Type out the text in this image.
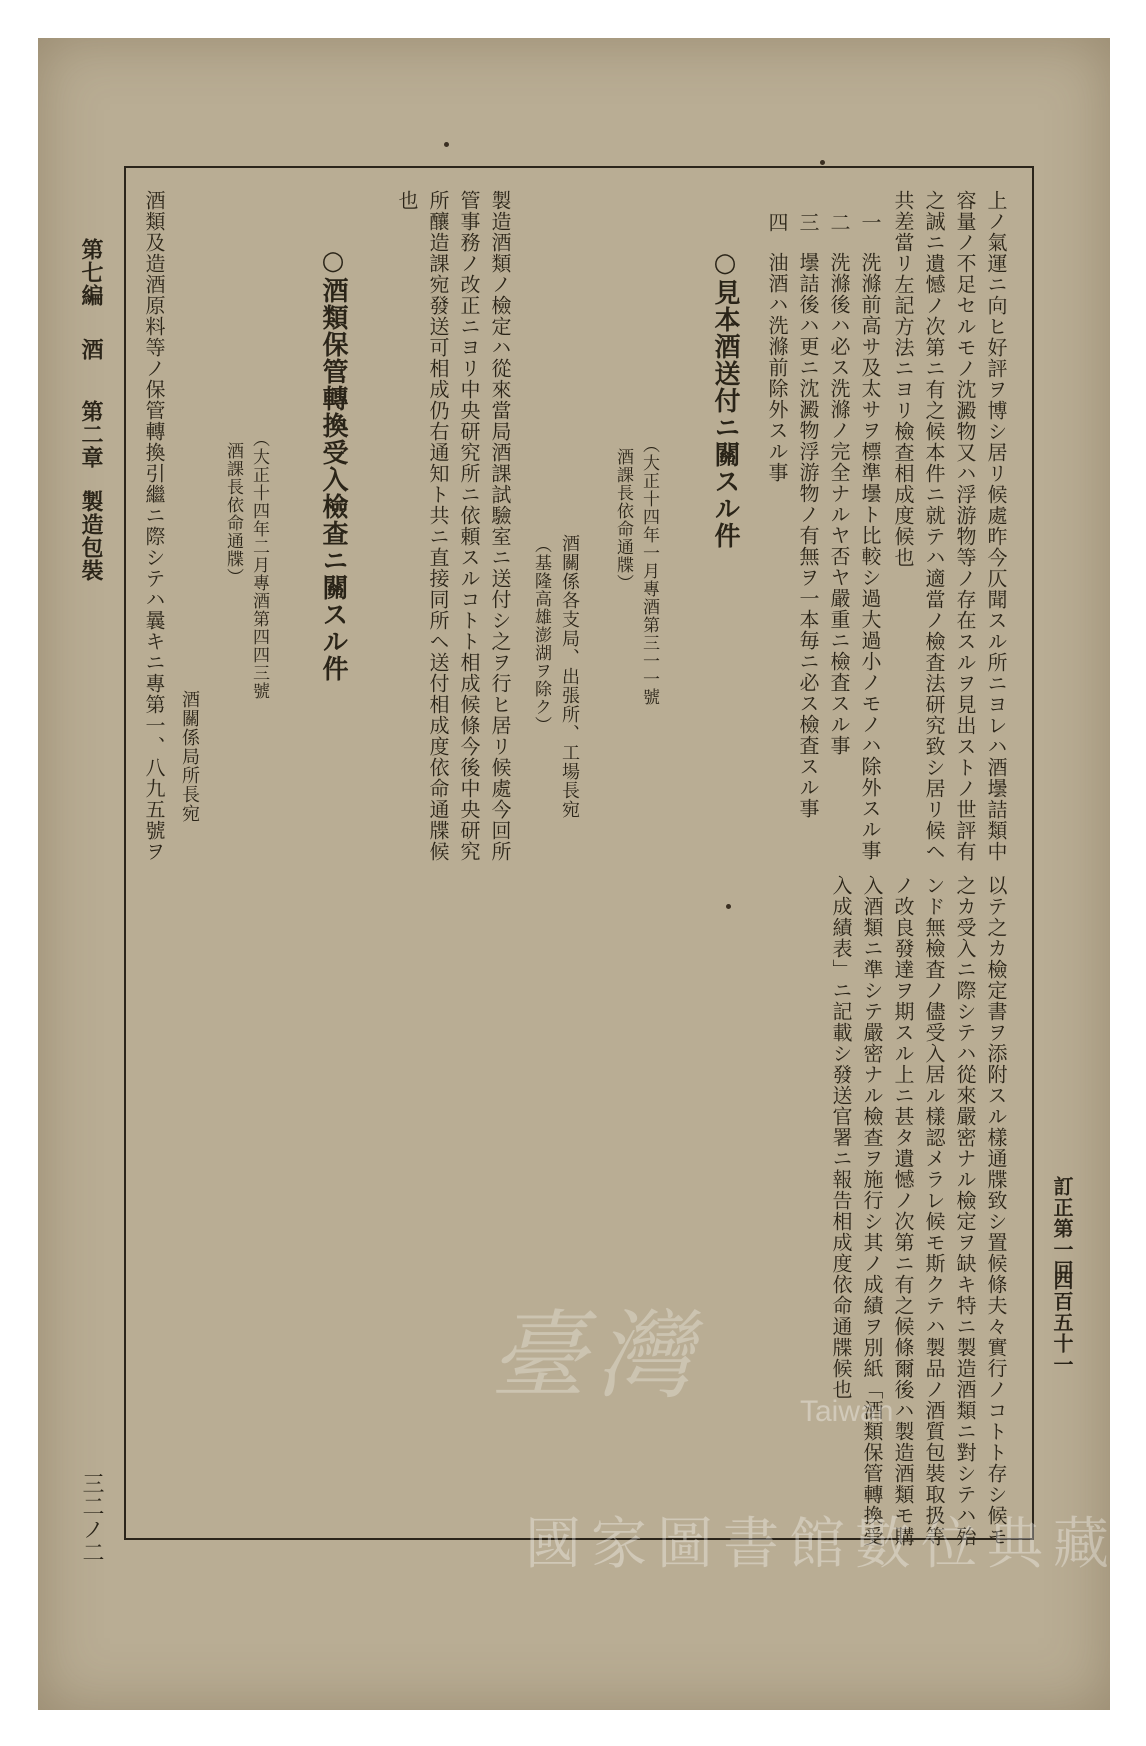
訂正第一回
四百五十一
第七編
酒
第二章
製造包裝
三二ノ二
上ノ氣運ニ向ヒ好評ヲ博シ居リ候處昨今仄聞スル所ニヨレハ酒壜詰類中
容量ノ不足セルモノ沈澱物又ハ浮游物等ノ存在スルヲ見出ストノ世評有
之誠ニ遺憾ノ次第ニ有之候本件ニ就テハ適當ノ檢査法研究致シ居リ候ヘ
共差當リ左記方法ニヨリ檢查相成度候也
一
洗滌前高サ及太サヲ標準壜ト比較シ過大過小ノモノハ除外スル事
二
洗滌後ハ必ス洗滌ノ完全ナルヤ否ヤ嚴重ニ檢査スル事
三
壜詰後ハ更ニ沈澱物浮游物ノ有無ヲ一本毎ニ必ス檢査スル事
四
油酒ハ洗滌前除外スル事
○見本酒送付ニ關スル件
（大正十四年一月專酒第三一一號
酒課長依命通牒）
酒關係各支局、出張所、工場長宛
（基隆高雄澎湖ヲ除ク）
製造酒類ノ檢定ハ從來當局酒課試驗室ニ送付シ之ヲ行ヒ居リ候處今回所
管事務ノ改正ニヨリ中央研究所ニ依頼スルコトト相成候條今後中央研究
所釀造課宛發送可相成仍右通知ト共ニ直接同所ヘ送付相成度依命通牒候
也
○酒類保管轉換受入檢查ニ關スル件
（大正十四年二月專酒第四四三號
酒課長依命通牒）
酒關係局所長宛
酒類及造酒原料等ノ保管轉換引繼ニ際シテハ曩キニ專第一、八九五號ヲ
以テ之カ檢定書ヲ添附スル樣通牒致シ置候條夫々實行ノコトト存シ候モ
之カ受入ニ際シテハ從來嚴密ナル檢定ヲ缺キ特ニ製造酒類ニ對シテハ殆
ンド無檢査ノ儘受入居ル樣認メラレ候モ斯クテハ製品ノ酒質包裝取扱等
ノ改良發達ヲ期スル上ニ甚タ遺憾ノ次第ニ有之候條爾後ハ製造酒類モ購
入酒類ニ準シテ嚴密ナル檢查ヲ施行シ其ノ成績ヲ別紙「酒類保管轉換受
入成績表」ニ記載シ發送官署ニ報告相成度依命通牒候也
臺灣	Taiwan
國家圖書館數位典藏
